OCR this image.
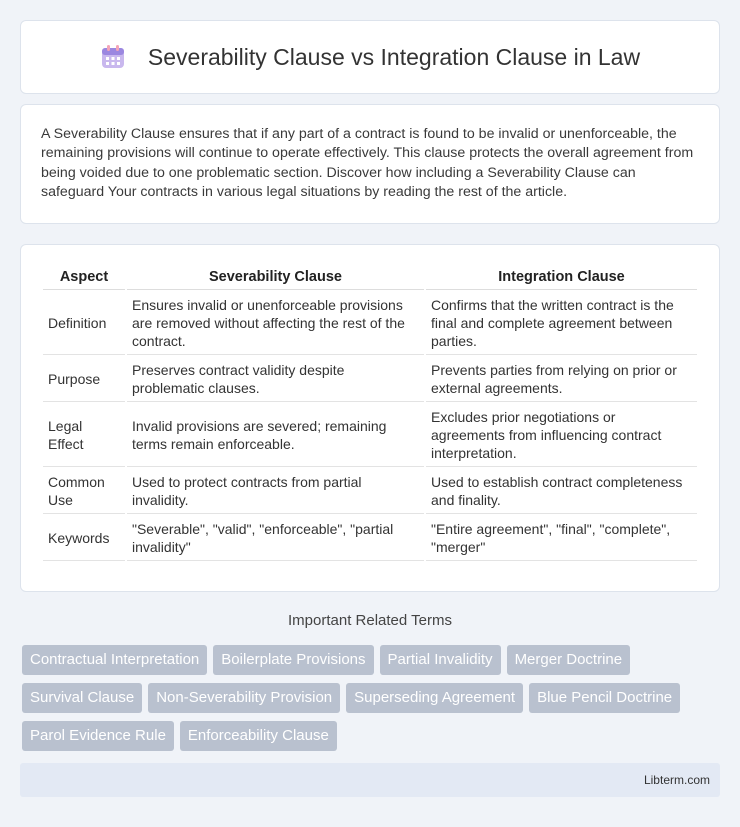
Severability Clause vs Integration Clause in Law

A Severability Clause ensures that if any part of a contract is found to be invalid or unenforceable, the remaining provisions will continue to operate effectively. This clause protects the overall agreement from being voided due to one problematic section. Discover how including a Severability Clause can safeguard Your contracts in various legal situations by reading the rest of the article.

Aspect	Severability Clause	Integration Clause
Definition	Ensures invalid or unenforceable provisions are removed without affecting the rest of the contract.	Confirms that the written contract is the final and complete agreement between parties.
Purpose	Preserves contract validity despite problematic clauses.	Prevents parties from relying on prior or external agreements.
Legal Effect	Invalid provisions are severed; remaining terms remain enforceable.	Excludes prior negotiations or agreements from influencing contract interpretation.
Common Use	Used to protect contracts from partial invalidity.	Used to establish contract completeness and finality.
Keywords	"Severable", "valid", "enforceable", "partial invalidity"	"Entire agreement", "final", "complete", "merger"
Important Related Terms
Contractual Interpretation	Boilerplate Provisions	Partial Invalidity	Merger Doctrine
Survival Clause	Non-Severability Provision	Superseding Agreement	Blue Pencil Doctrine
Parol Evidence Rule	Enforceability Clause
Libterm.com
